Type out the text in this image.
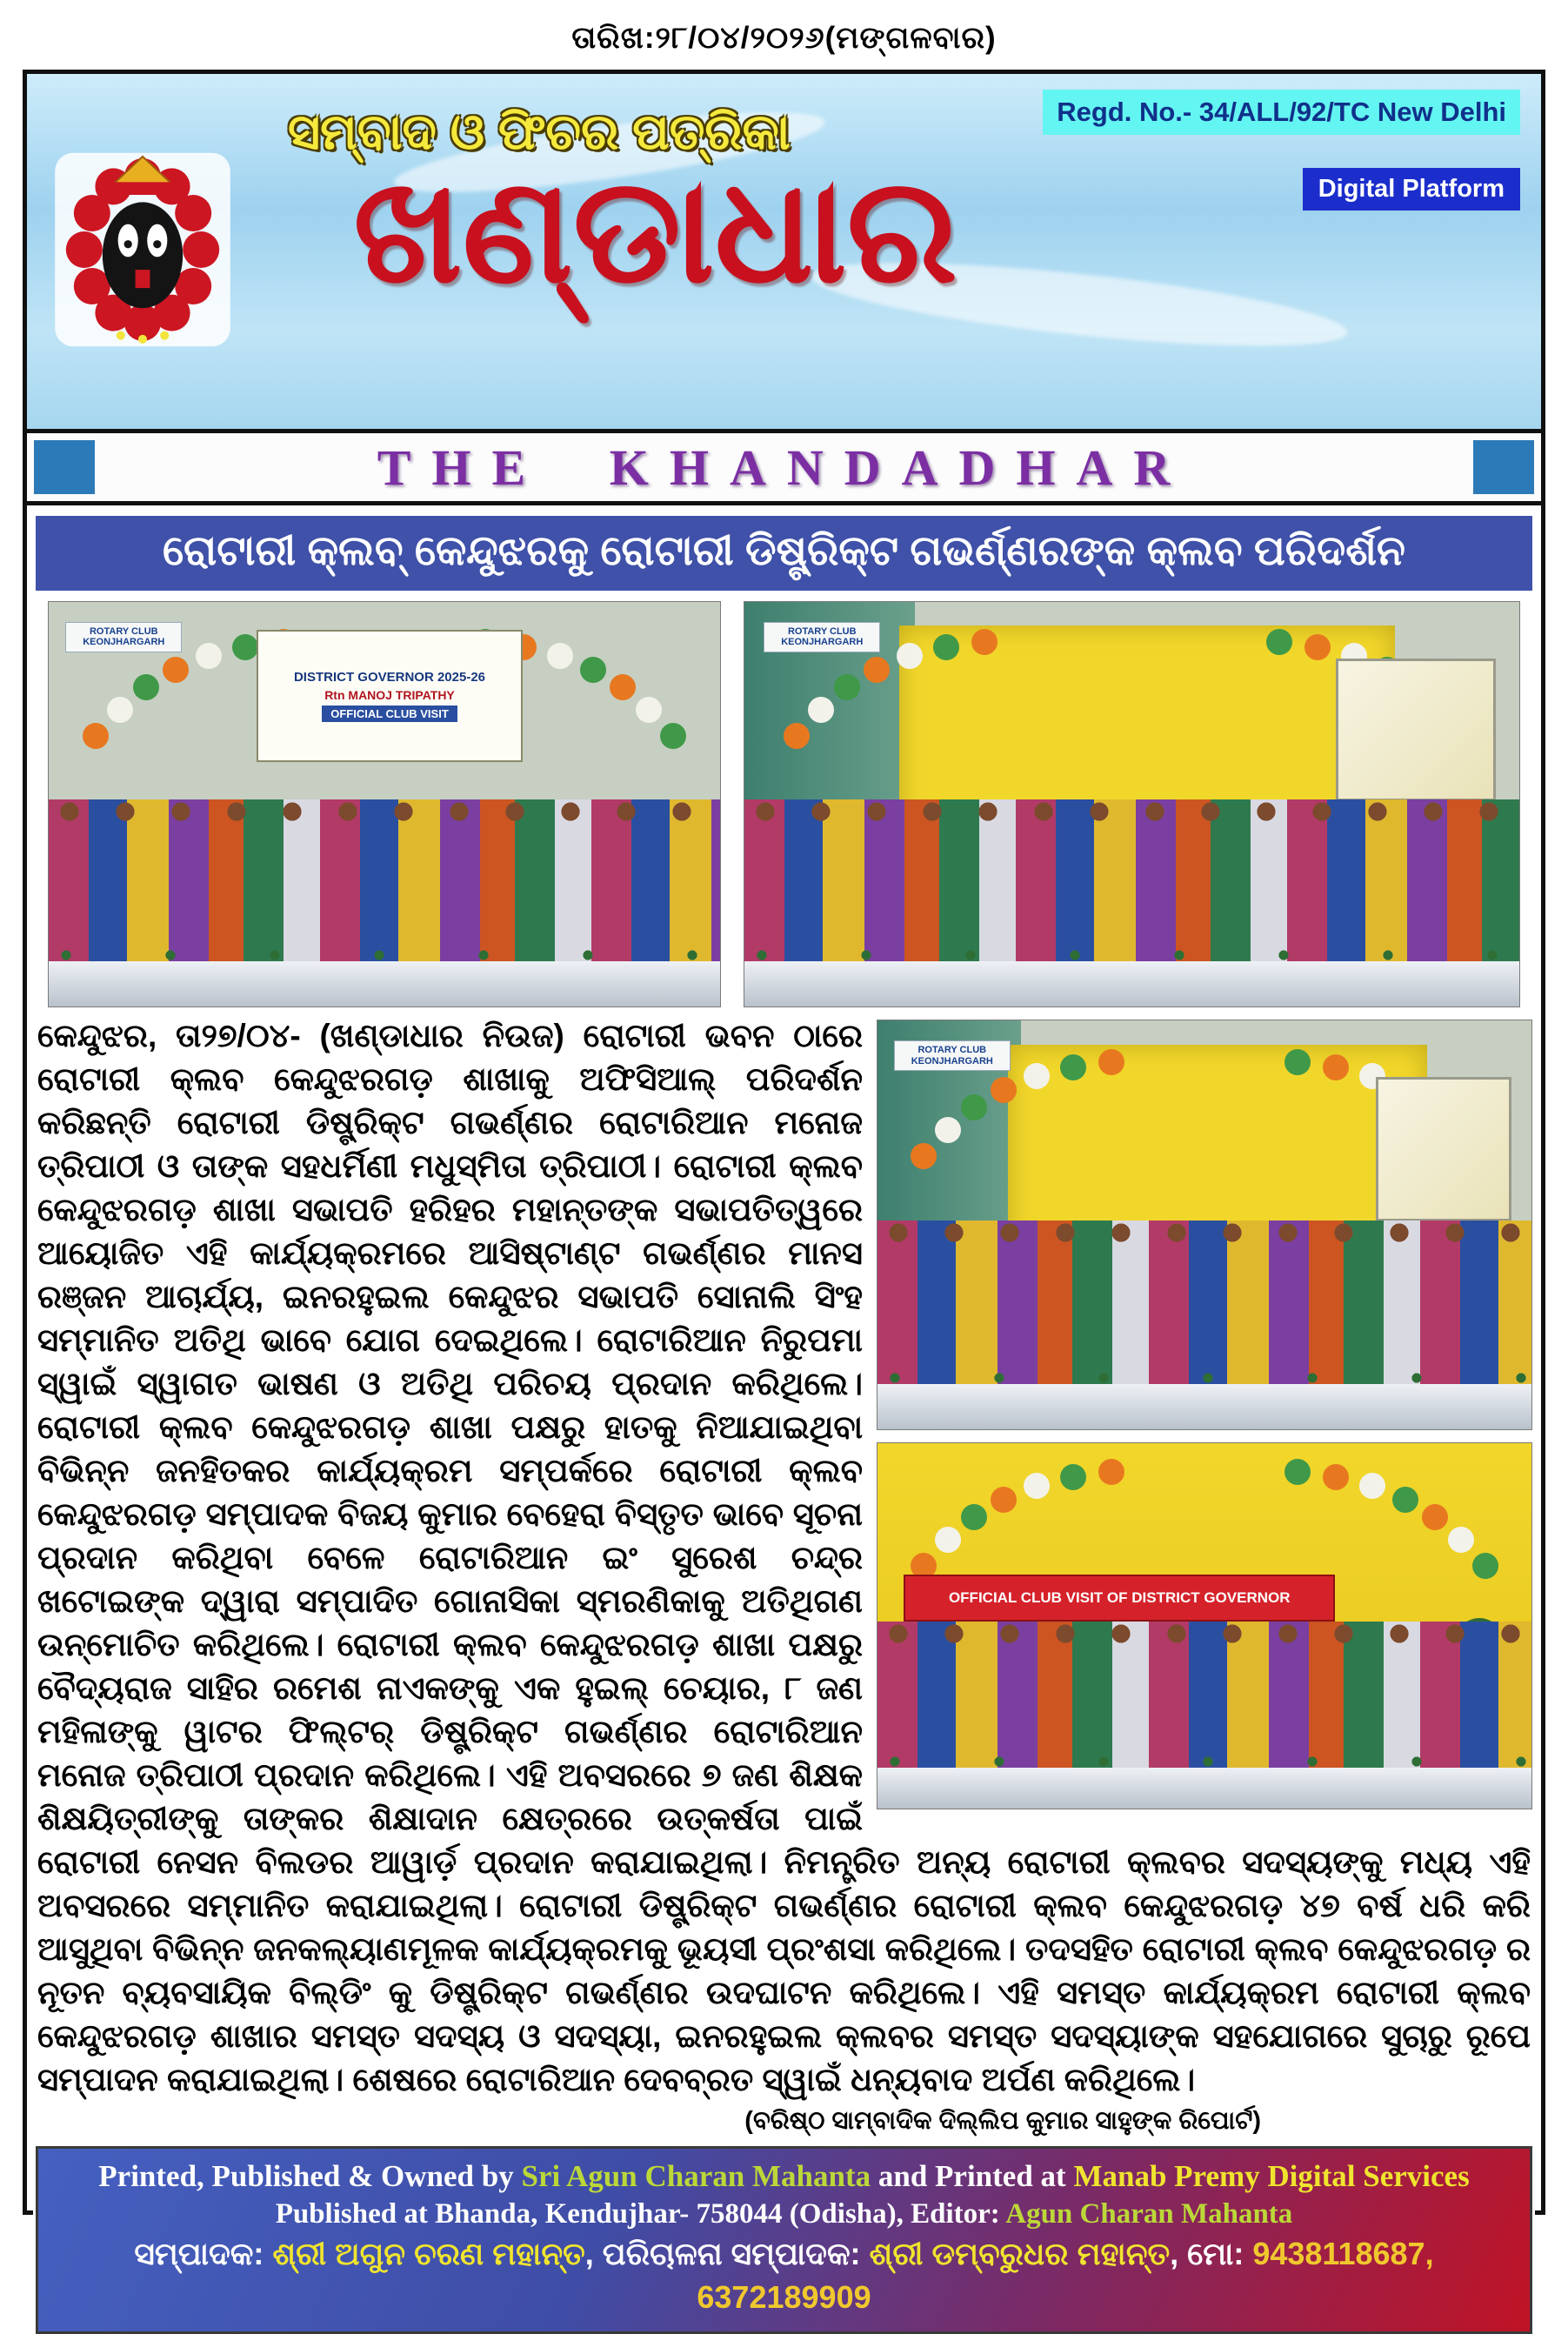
ତାରିଖ:୨୮/୦୪/୨୦୨୬(ମଙ୍ଗଳବାର)
ସମ୍ବାଦ ଓ ଫିଚର ପତ୍ରିକା
ଖଣ୍ଡାଧାର
Regd. No.- 34/ALL/92/TC New Delhi
Digital Platform
THE KHANDADHAR
ରୋଟାରୀ କ୍ଲବ୍ କେନ୍ଦୁଝରକୁ ରୋଟାରୀ ଡିଷ୍ଟ୍ରିକ୍ଟ ଗଭର୍ଣ୍ଣରଙ୍କ କ୍ଲବ ପରିଦର୍ଶନ
ROTARY CLUB KEONJHARGARH
DISTRICT GOVERNOR 2025-26
Rtn MANOJ TRIPATHY
OFFICIAL CLUB VISIT
ROTARY CLUB KEONJHARGARH
ROTARY CLUB KEONJHARGARH
OFFICIAL CLUB VISIT OF DISTRICT GOVERNOR

କେନ୍ଦୁଝର, ତା୨୭/୦୪- (ଖଣ୍ଡାଧାର ନିଉଜ) ରୋଟାରୀ ଭବନ ଠାରେ ରୋଟାରୀ କ୍ଲବ କେନ୍ଦୁଝରଗଡ଼ ଶାଖାକୁ ଅଫିସିଆଲ୍ ପରିଦର୍ଶନ କରିଛନ୍ତି ରୋଟାରୀ ଡିଷ୍ଟ୍ରିକ୍ଟ ଗଭର୍ଣ୍ଣର ରୋଟାରିଆନ ମନୋଜ ତ୍ରିପାଠୀ ଓ ତାଙ୍କ ସହଧର୍ମିଣୀ ମଧୁସ୍ମିତା ତ୍ରିପାଠୀ। ରୋଟାରୀ କ୍ଲବ କେନ୍ଦୁଝରଗଡ଼ ଶାଖା ସଭାପତି ହରିହର ମହାନ୍ତଙ୍କ ସଭାପତିତ୍ୱରେ ଆୟୋଜିତ ଏହି କାର୍ଯ୍ୟକ୍ରମରେ ଆସିଷ୍ଟାଣ୍ଟ ଗଭର୍ଣ୍ଣର ମାନସ ରଞ୍ଜନ ଆଚାର୍ଯ୍ୟ, ଇନରହୁଇଲ କେନ୍ଦୁଝର ସଭାପତି ସୋନାଲି ସିଂହ ସମ୍ମାନିତ ଅତିଥି ଭାବେ ଯୋଗ ଦେଇଥିଲେ। ରୋଟାରିଆନ ନିରୁପମା ସ୍ୱାଇଁ ସ୍ୱାଗତ ଭାଷଣ ଓ ଅତିଥି ପରିଚୟ ପ୍ରଦାନ କରିଥିଲେ। ରୋଟାରୀ କ୍ଲବ କେନ୍ଦୁଝରଗଡ଼ ଶାଖା ପକ୍ଷରୁ ହାତକୁ ନିଆଯାଇଥିବା ବିଭିନ୍ନ ଜନହିତକର କାର୍ଯ୍ୟକ୍ରମ ସମ୍ପର୍କରେ ରୋଟାରୀ କ୍ଲବ କେନ୍ଦୁଝରଗଡ଼ ସମ୍ପାଦକ ବିଜୟ କୁମାର ବେହେରା ବିସ୍ତୃତ ଭାବେ ସୂଚନା ପ୍ରଦାନ କରିଥିବା ବେଳେ ରୋଟାରିଆନ ଇଂ ସୁରେଶ ଚନ୍ଦ୍ର ଖଟୋଇଙ୍କ ଦ୍ୱାରା ସମ୍ପାଦିତ ଗୋନାସିକା ସ୍ମରଣିକାକୁ ଅତିଥିଗଣ ଉନ୍ମୋଚିତ କରିଥିଲେ। ରୋଟାରୀ କ୍ଲବ କେନ୍ଦୁଝରଗଡ଼ ଶାଖା ପକ୍ଷରୁ ବୈଦ୍ୟରାଜ ସାହିର ରମେଶ ନାଏକଙ୍କୁ ଏକ ହୁଇଲ୍ ଚେୟାର, ୮ ଜଣ ମହିଳାଙ୍କୁ ୱାଟର ଫିଲ୍ଟର୍ ଡିଷ୍ଟ୍ରିକ୍ଟ ଗଭର୍ଣ୍ଣର ରୋଟାରିଆନ ମନୋଜ ତ୍ରିପାଠୀ ପ୍ରଦାନ କରିଥିଲେ। ଏହି ଅବସରରେ ୭ ଜଣ ଶିକ୍ଷକ ଶିକ୍ଷୟିତ୍ରୀଙ୍କୁ ତାଙ୍କର ଶିକ୍ଷାଦାନ କ୍ଷେତ୍ରରେ ଉତ୍କର୍ଷତା ପାଇଁ ରୋଟାରୀ ନେସନ ବିଲଡର ଆୱାର୍ଡ଼ ପ୍ରଦାନ କରାଯାଇଥିଲା। ନିମନ୍ତ୍ରିତ ଅନ୍ୟ ରୋଟାରୀ କ୍ଲବର ସଦସ୍ୟଙ୍କୁ ମଧ୍ୟ ଏହି ଅବସରରେ ସମ୍ମାନିତ କରାଯାଇଥିଲା। ରୋଟାରୀ ଡିଷ୍ଟ୍ରିକ୍ଟ ଗଭର୍ଣ୍ଣର ରୋଟାରୀ କ୍ଲବ କେନ୍ଦୁଝରଗଡ଼ ୪୭ ବର୍ଷ ଧରି କରି ଆସୁଥିବା ବିଭିନ୍ନ ଜନକଲ୍ୟାଣମୂଳକ କାର୍ଯ୍ୟକ୍ରମକୁ ଭୂୟସୀ ପ୍ରଂଶସା କରିଥିଲେ। ତଦସହିତ ରୋଟାରୀ କ୍ଲବ କେନ୍ଦୁଝରଗଡ଼ ର ନୂତନ ବ୍ୟବସାୟିକ ବିଲ୍ଡିଂ କୁ ଡିଷ୍ଟ୍ରିକ୍ଟ ଗଭର୍ଣ୍ଣର ଉଦଘାଟନ କରିଥିଲେ। ଏହି ସମସ୍ତ କାର୍ଯ୍ୟକ୍ରମ ରୋଟାରୀ କ୍ଲବ କେନ୍ଦୁଝରଗଡ଼ ଶାଖାର ସମସ୍ତ ସଦସ୍ୟ ଓ ସଦସ୍ୟା, ଇନରହୁଇଲ କ୍ଲବର ସମସ୍ତ ସଦସ୍ୟାଙ୍କ ସହଯୋଗରେ ସୁଚାରୁ ରୂପେ ସମ୍ପାଦନ କରାଯାଇଥିଲା। ଶେଷରେ ରୋଟାରିଆନ ଦେବବ୍ରତ ସ୍ୱାଇଁ ଧନ୍ୟବାଦ ଅର୍ପଣ କରିଥିଲେ।

(ବରିଷ୍ଠ ସାମ୍ବାଦିକ ଦିଲ୍ଲିପ କୁମାର ସାହୁଙ୍କ ରିପୋର୍ଟ)
Printed, Published & Owned by Sri Agun Charan Mahanta and Printed at Manab Premy Digital Services
Published at Bhanda, Kendujhar- 758044 (Odisha), Editor: Agun Charan Mahanta
ସମ୍ପାଦକ: ଶ୍ରୀ ଅଗୁନ ଚରଣ ମହାନ୍ତ, ପରିଚାଳନା ସମ୍ପାଦକ: ଶ୍ରୀ ଡମ୍ବରୁଧର ମହାନ୍ତ, ମୋ: 9438118687, 6372189909
